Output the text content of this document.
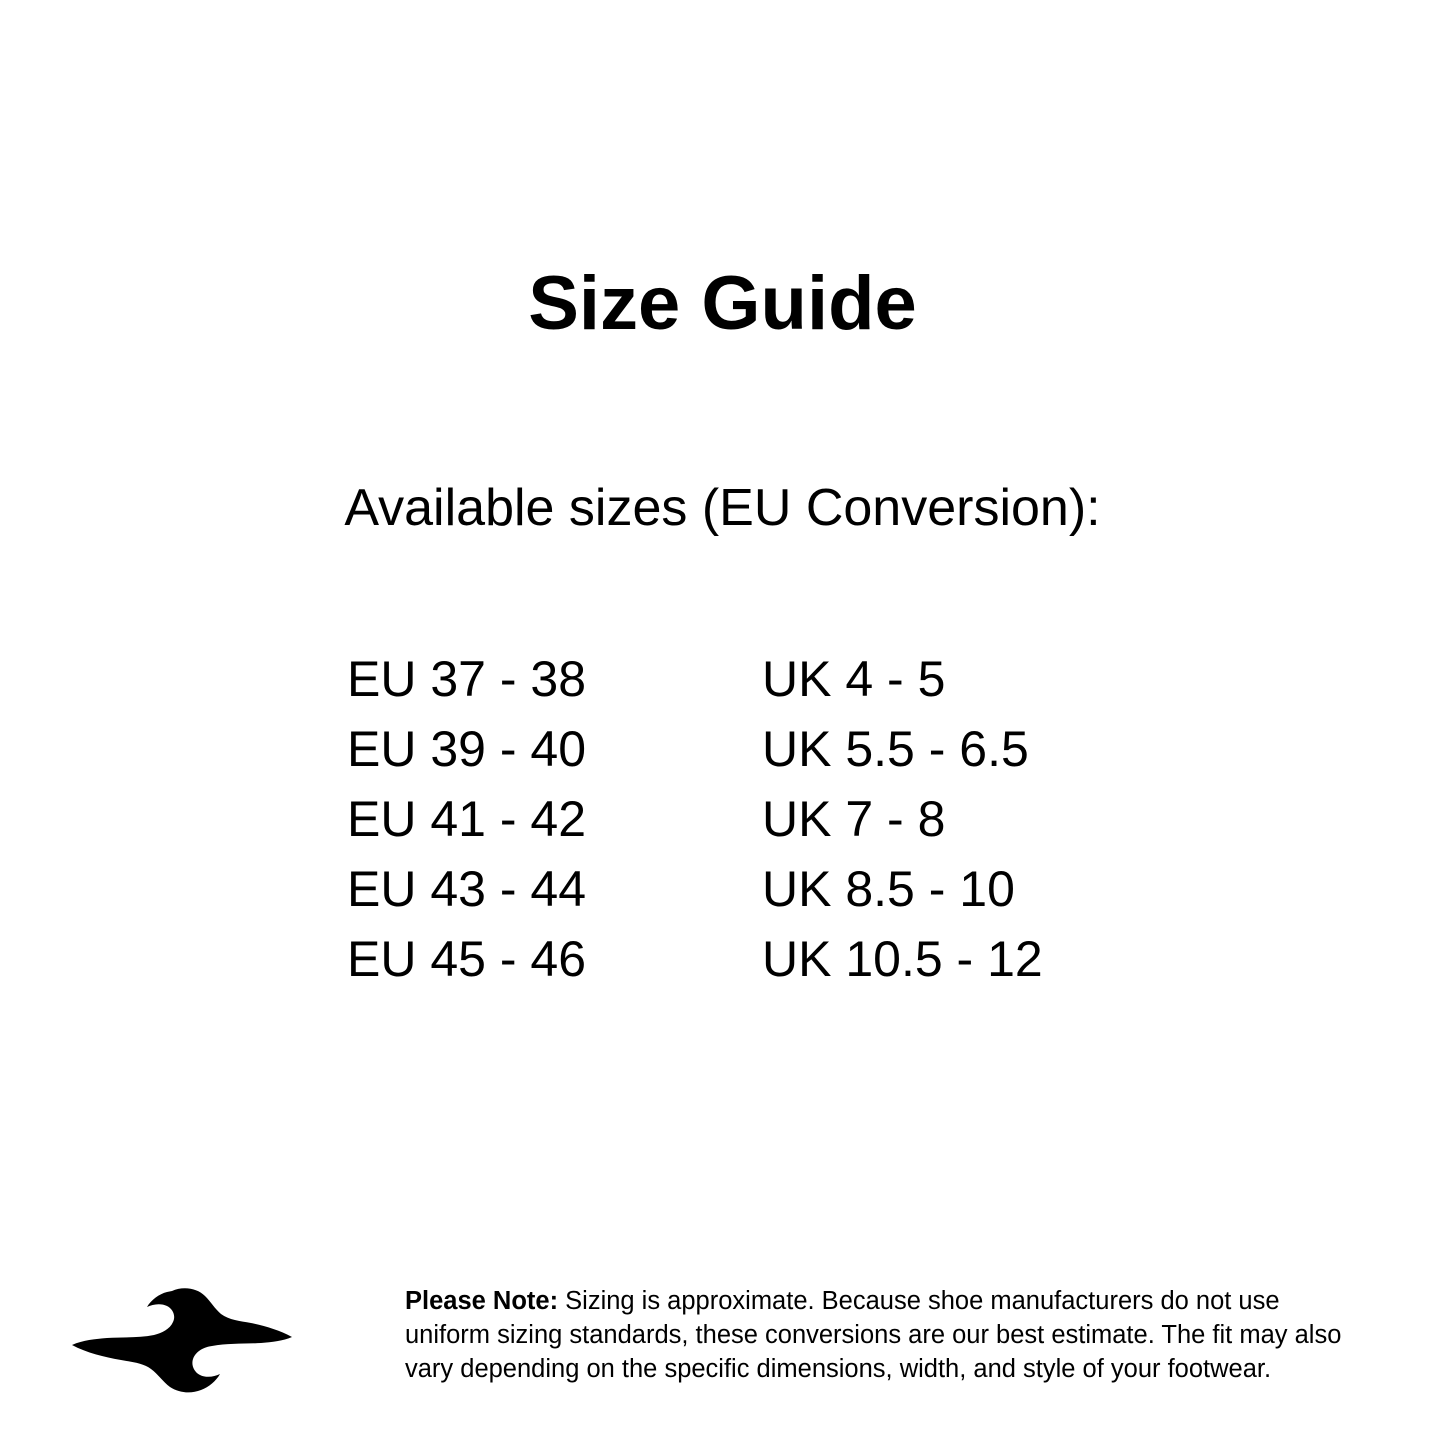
Size Guide
Available sizes (EU Conversion):
EU 37 - 38	UK 4 - 5
EU 39 - 40	UK 5.5 - 6.5
EU 41 - 42	UK 7 - 8
EU 43 - 44	UK 8.5 - 10
EU 45 - 46	UK 10.5 - 12
Please Note: Sizing is approximate. Because shoe manufacturers do not use uniform sizing standards, these conversions are our best estimate. The fit may also vary depending on the specific dimensions, width, and style of your footwear.
